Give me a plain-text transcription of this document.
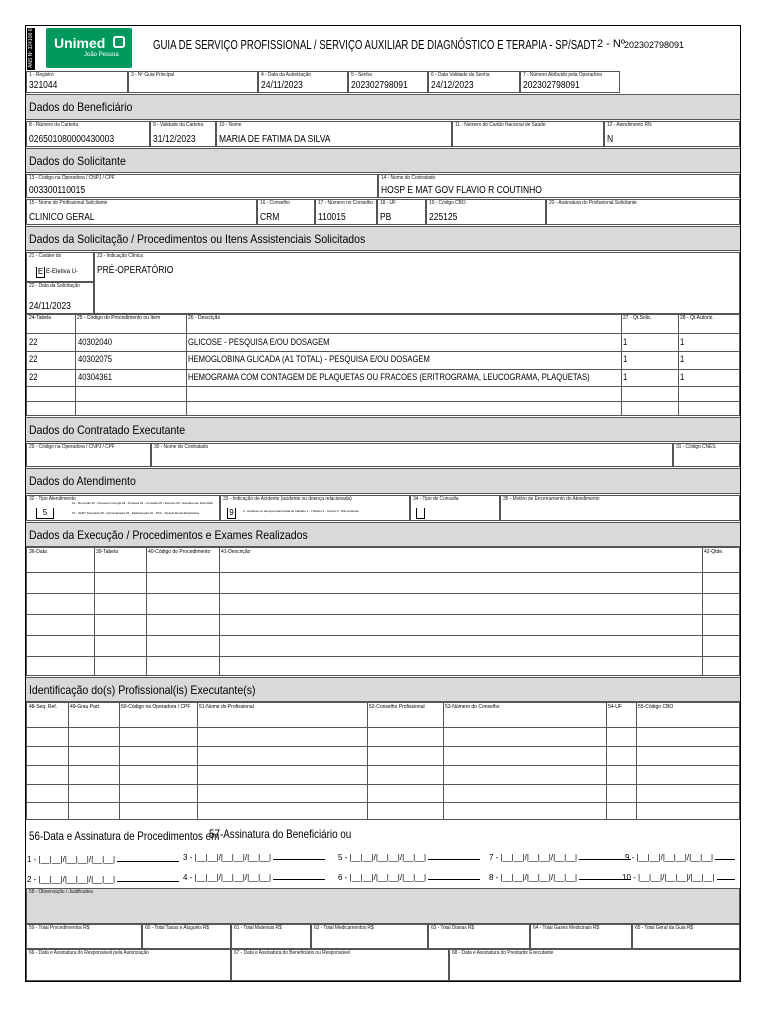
ANS Nº 324108-9 Unimed
João Pessoa
GUIA DE SERVIÇO PROFISSIONAL / SERVIÇO AUXILIAR DE DIAGNÓSTICO E TERAPIA - SP/SADT 2 - Nº 202302798091
1 - Registro
321044
3 - Nº Guia Principal	4 - Data da Autorização
24/11/2023
5 - Senha
202302798091
6 - Data Validade da Senha
24/12/2023
7 - Número Atribuído pela Operadora
202302798091
Dados do Beneficiário
8 - Número da Carteira
026501080000430003
9 - Validade da Carteira
31/12/2023
10 - Nome
MARIA DE FATIMA DA SILVA
11 - Número do Cartão Nacional de Saúde	12 - Atendimento RN
N
Dados do Solicitante
13 - Código na Operadora / CNPJ / CPF
003300110015
14 - Nome do Contratado
HOSP E MAT GOV FLAVIO R COUTINHO
15 - Nome do Profissional Solicitante
CLINICO GERAL
16 - Conselho
CRM
17 - Número no Conselho
110015
18 - UF
PB
19 - Código CBO
225125
20 - Assinatura do Profissional Solicitante
Dados da Solicitação / Procedimentos ou Itens Assistenciais Solicitados
21 - Caráter do
E E-Eletiva U-
23 - Indicação Clínica
PRÉ-OPERATÓRIO
22 - Data da Solicitação
24/11/2023
24-Tabela	25 - Código do Procedimento ou Item	26 - Descrição	27 - Qt.Solic.	28 - Qt.Autoriz.
22	40302040	GLICOSE - PESQUISA E/OU DOSAGEM	1	1
22	40302075	HEMOGLOBINA GLICADA (A1 TOTAL) - PESQUISA E/OU DOSAGEM	1	1
22	40304361	HEMOGRAMA COM CONTAGEM DE PLAQUETAS OU FRACOES (ERITROGRAMA, LEUCOGRAMA, PLAQUETAS)	1	1
Dados do Contratado Executante
29 - Código na Operadora / CNPJ / CPF	30 - Nome do Contratado	31 - Código CNES
Dados do Atendimento
32 - Tipo Atendimento
5
01 - Remoção 02 - Pequena Cirurgia 03 - Terapias 04 - Consulta 05 - Exames 06 - Atendimento Domiciliar
07 - SADT Internado 08 - Quimioterapia 09 - Radioterapia 10 - TRS - Terapia Renal Substitutiva
33 - Indicação de Acidente (acidente ou doença relacionada)
9	0 - Acidente ou doença relacionada ao trabalho 1 - Trânsito 2 - Outros 9 - Não Acidente
34 - Tipo de Consulta	35 - Motivo de Encerramento do Atendimento
Dados da Execução / Procedimentos e Exames Realizados
36-Data	39-Tabela	40-Código do Procedimento 41-Descrição	42-Qtde.
Identificação do(s) Profissional(is) Executante(s)
48-Seq. Ref.	49-Grau Part.	50-Código na Operadora / CPF 51-Nome do Profissional	52-Conselho Profissional	53-Número do Conselho	54-UF	55-Código CBO
56-Data e Assinatura de Procedimentos em
57-Assinatura do Beneficiário ou
1 - |__|__|/|__|__|/|__|__|
2 - |__|__|/|__|__|/|__|__|
3 - |__|__|/|__|__|/|__|__|
4 - |__|__|/|__|__|/|__|__|
5 - |__|__|/|__|__|/|__|__|
6 - |__|__|/|__|__|/|__|__|
7 - |__|__|/|__|__|/|__|__|
8 - |__|__|/|__|__|/|__|__|
9 - |__|__|/|__|__|/|__|__|
10 - |__|__|/|__|__|/|__|__|
58 - Observação / Justificativa
59 - Total Procedimentos R$	60 - Total Taxas e Aluguéis R$	61 - Total Materiais R$	62 - Total Medicamentos R$	63 - Total Diárias R$	64 - Total Gases Medicinais R$	65 - Total Geral da Guia R$
66 - Data e Assinatura do Responsável pela Autorização	67 - Data e Assinatura do Beneficiário ou Responsável	68 - Data e Assinatura do Prestador Executante
